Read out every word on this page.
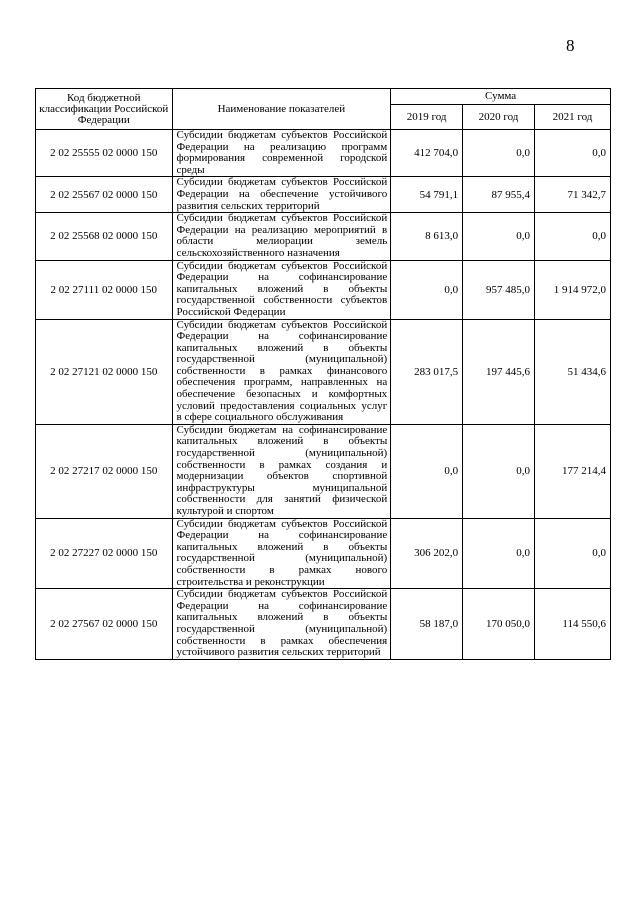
8
Код бюджетной классификации Российской Федерации	Наименование показателей	Сумма		
		2019 год	2020 год	2021 год
2 02 25555 02 0000 150	Субсидии бюджетам субъектов Российской Федерации на реализацию программ формирования современной городской среды	412 704,0	0,0	0,0
2 02 25567 02 0000 150	Субсидии бюджетам субъектов Российской Федерации на обеспечение устойчивого развития сельских территорий	54 791,1	87 955,4	71 342,7
2 02 25568 02 0000 150	Субсидии бюджетам субъектов Российской Федерации на реализацию мероприятий в области мелиорации земель сельскохозяйственного назначения	8 613,0	0,0	0,0
2 02 27111 02 0000 150	Субсидии бюджетам субъектов Российской Федерации на софинансирование капитальных вложений в объекты государственной собственности субъектов Российской Федерации	0,0	957 485,0	1 914 972,0
2 02 27121 02 0000 150	Субсидии бюджетам субъектов Российской Федерации на софинансирование капитальных вложений в объекты государственной (муниципальной) собственности в рамках финансового обеспечения программ, направленных на обеспечение безопасных и комфортных условий предоставления социальных услуг в сфере социального обслуживания	283 017,5	197 445,6	51 434,6
2 02 27217 02 0000 150	Субсидии бюджетам на софинансирование капитальных вложений в объекты государственной (муниципальной) собственности в рамках создания и модернизации объектов спортивной инфраструктуры муниципальной собственности для занятий физической культурой и спортом	0,0	0,0	177 214,4
2 02 27227 02 0000 150	Субсидии бюджетам субъектов Российской Федерации на софинансирование капитальных вложений в объекты государственной (муниципальной) собственности в рамках нового строительства и реконструкции	306 202,0	0,0	0,0
2 02 27567 02 0000 150	Субсидии бюджетам субъектов Российской Федерации на софинансирование капитальных вложений в объекты государственной (муниципальной) собственности в рамках обеспечения устойчивого развития сельских территорий	58 187,0	170 050,0	114 550,6
